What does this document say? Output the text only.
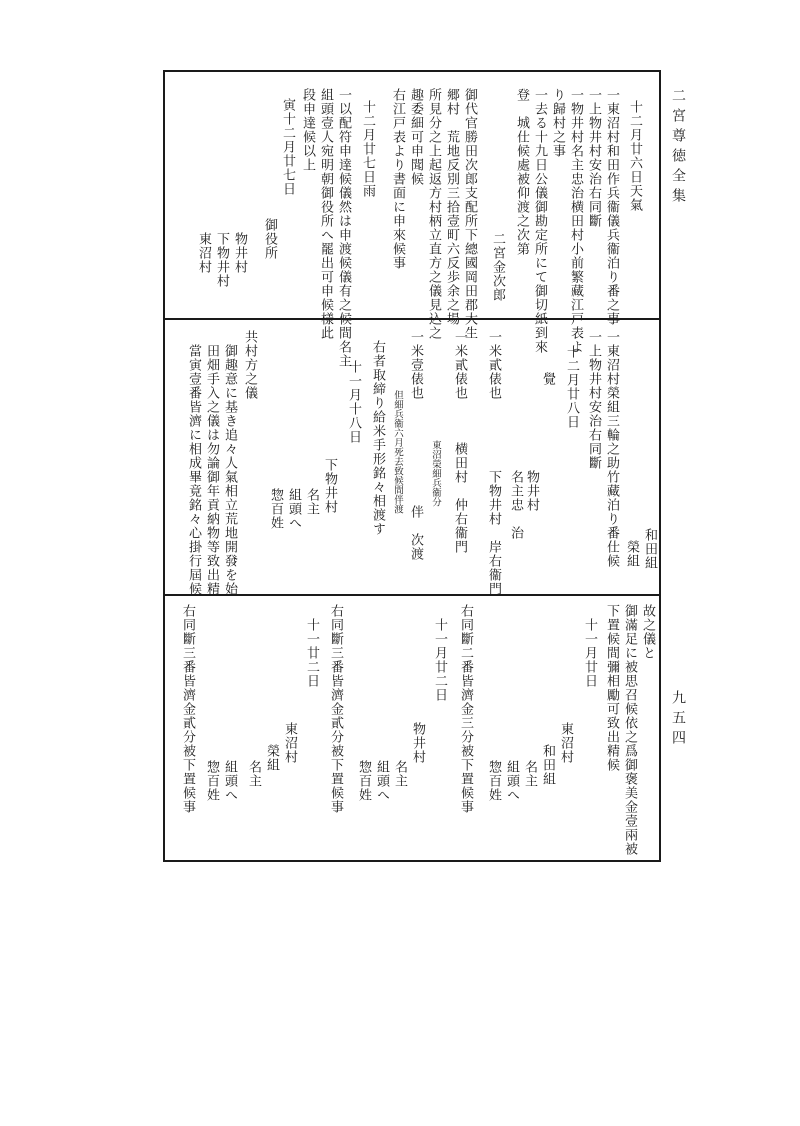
二宮尊徳全集
九五四
十二月廿六日天氣
一東沼村和田作兵衞儀兵衞泊り番之事
一上物井村安治右同斷
一物井村名主忠治横田村小前繁藏江戸表よ
り歸村之事
一去る十九日公儀御勘定所にて御切紙到來
登　城仕候處被仰渡之次第
二宮金次郎
御代官勝田次郎支配所下總國岡田郡大生
郷村　荒地反別三拾壹町六反歩余之場
所見分之上起返方村柄立直方之儀見込之
趣委細可申聞候
右江戸表より書面に申來候事
十二月廿七日雨
一以配符申達候儀然は申渡候儀有之候間名主
組頭壹人宛明朝御役所へ罷出可申候樣此
段申達候以上
寅十二月廿七日
御役所
物井村
下物井村
東沼村
和田組
榮組
一東沼村榮組三輪之助竹藏泊り番仕候
一上物井村安治右同斷
十二月廿八日
覺
物井村
名主忠　治
一米貳俵也
下物井村　岸右衞門
一米貳俵也
横田村　仲右衞門
東沼榮細兵衞分
一米壹俵也
伴　次渡
但細兵衞六月死去致候間伴渡
右者取締り給米手形銘々相渡す
十一月十八日
下物井村
名主
組頭へ
惣百姓
共村方之儀
御趣意に基き追々人氣相立荒地開發を始
田畑手入之儀は勿論御年貢納物等致出精
當寅壹番皆濟に相成畢竟銘々心掛行屆候
故之儀と
御滿足に被思召候依之爲御褒美金壹兩被
下置候間彌相勵可致出精候
十一月廿日
東沼村
和田組
名主
組頭へ
惣百姓
右同斷二番皆濟金三分被下置候事
十一月廿二日
物井村
名主
組頭へ
惣百姓
右同斷三番皆濟金貳分被下置候事
十一廿二日
東沼村
榮組
名主
組頭へ
惣百姓
右同斷三番皆濟金貳分被下置候事
